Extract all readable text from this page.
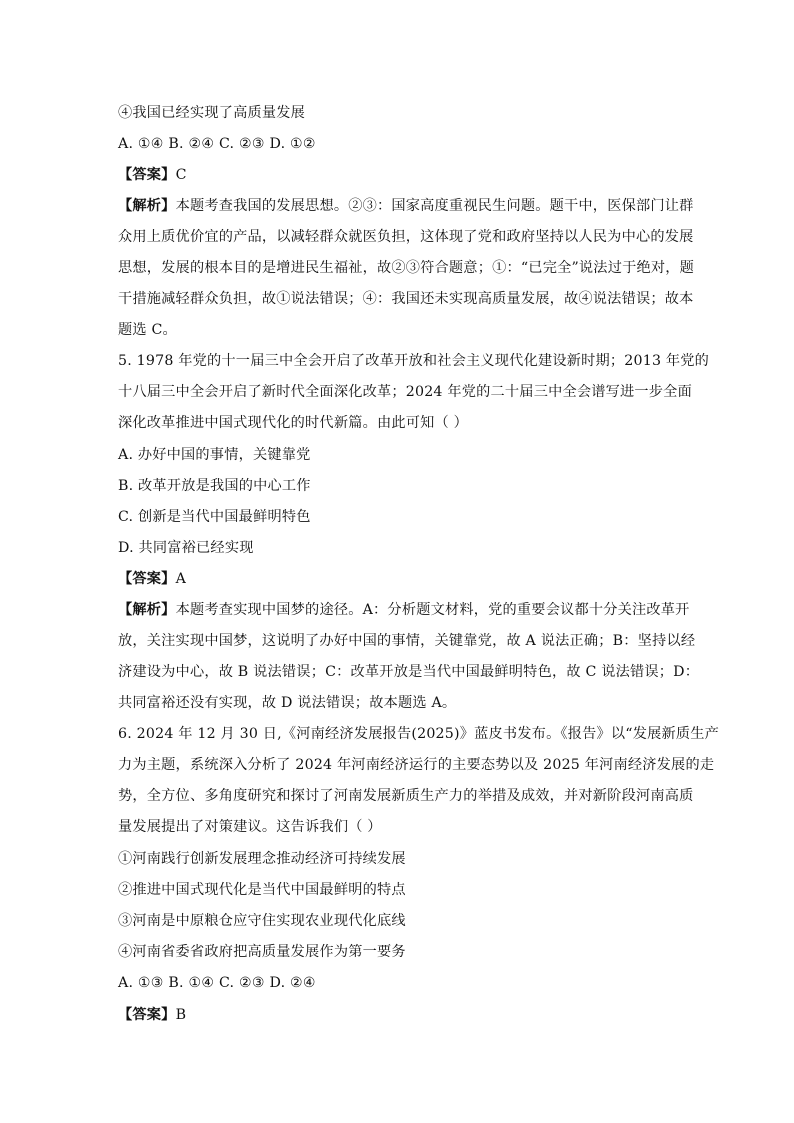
④我国已经实现了高质量发展
A. ①④ B. ②④ C. ②③ D. ①②
【答案】C
【解析】本题考查我国的发展思想。②③：国家高度重视民生问题。题干中，医保部门让群
众用上质优价宜的产品，以减轻群众就医负担，这体现了党和政府坚持以人民为中心的发展
思想，发展的根本目的是增进民生福祉，故②③符合题意；①：“已完全”说法过于绝对，题
干措施减轻群众负担，故①说法错误；④：我国还未实现高质量发展，故④说法错误；故本
题选 C。
5. 1978 年党的十一届三中全会开启了改革开放和社会主义现代化建设新时期；2013 年党的
十八届三中全会开启了新时代全面深化改革；2024 年党的二十届三中全会谱写进一步全面
深化改革推进中国式现代化的时代新篇。由此可知（ ）
A. 办好中国的事情，关键靠党
B. 改革开放是我国的中心工作
C. 创新是当代中国最鲜明特色
D. 共同富裕已经实现
【答案】A
【解析】本题考查实现中国梦的途径。A：分析题文材料，党的重要会议都十分关注改革开
放，关注实现中国梦，这说明了办好中国的事情，关键靠党，故 A 说法正确；B：坚持以经
济建设为中心，故 B 说法错误；C：改革开放是当代中国最鲜明特色，故 C 说法错误；D：
共同富裕还没有实现，故 D 说法错误；故本题选 A。
6. 2024 年 12 月 30 日,《河南经济发展报告(2025)》蓝皮书发布。《报告》以“发展新质生产
力为主题，系统深入分析了 2024 年河南经济运行的主要态势以及 2025 年河南经济发展的走
势，全方位、多角度研究和探讨了河南发展新质生产力的举措及成效，并对新阶段河南高质
量发展提出了对策建议。这告诉我们（ ）
①河南践行创新发展理念推动经济可持续发展
②推进中国式现代化是当代中国最鲜明的特点
③河南是中原粮仓应守住实现农业现代化底线
④河南省委省政府把高质量发展作为第一要务
A. ①③ B. ①④ C. ②③ D. ②④
【答案】B
